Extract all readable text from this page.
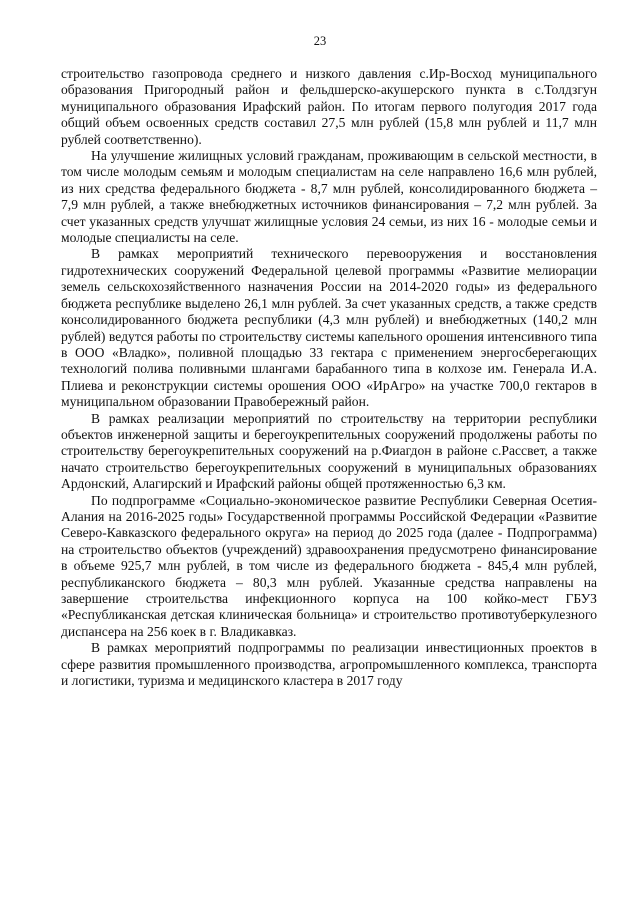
23

строительство газопровода среднего и низкого давления с.Ир-Восход муниципального образования Пригородный район и фельдшерско-акушерского пункта в с.Толдзгун муниципального образования Ирафский район. По итогам первого полугодия 2017 года общий объем освоенных средств составил 27,5 млн рублей (15,8 млн рублей и 11,7 млн рублей соответственно).

На улучшение жилищных условий гражданам, проживающим в сельской местности, в том числе молодым семьям и молодым специалистам на селе направлено 16,6 млн рублей, из них средства федерального бюджета - 8,7 млн рублей, консолидированного бюджета – 7,9 млн рублей, а также внебюджетных источников финансирования – 7,2 млн рублей. За счет указанных средств улучшат жилищные условия 24 семьи, из них 16 - молодые семьи и молодые специалисты на селе.

В рамках мероприятий технического перевооружения и восстановления гидротехнических сооружений Федеральной целевой программы «Развитие мелиорации земель сельскохозяйственного назначения России на 2014-2020 годы» из федерального бюджета республике выделено 26,1 млн рублей. За счет указанных средств, а также средств консолидированного бюджета республики (4,3 млн рублей) и внебюджетных (140,2 млн рублей) ведутся работы по строительству системы капельного орошения интенсивного типа в ООО «Владко», поливной площадью 33 гектара с применением энергосберегающих технологий полива поливными шлангами барабанного типа в колхозе им. Генерала И.А. Плиева и реконструкции системы орошения ООО «ИрАгро» на участке 700,0 гектаров в муниципальном образовании Правобережный район.

В рамках реализации мероприятий по строительству на территории республики объектов инженерной защиты и берегоукрепительных сооружений продолжены работы по строительству берегоукрепительных сооружений на р.Фиагдон в районе с.Рассвет, а также начато строительство берегоукрепительных сооружений в муниципальных образованиях Ардонский, Алагирский и Ирафский районы общей протяженностью 6,3 км.

По подпрограмме «Социально-экономическое развитие Республики Северная Осетия-Алания на 2016-2025 годы» Государственной программы Российской Федерации «Развитие Северо-Кавказского федерального округа» на период до 2025 года (далее - Подпрограмма) на строительство объектов (учреждений) здравоохранения предусмотрено финансирование в объеме 925,7 млн рублей, в том числе из федерального бюджета - 845,4 млн рублей, республиканского бюджета – 80,3 млн рублей. Указанные средства направлены на завершение строительства инфекционного корпуса на 100 койко-мест ГБУЗ «Республиканская детская клиническая больница» и строительство противотуберкулезного диспансера на 256 коек в г. Владикавказ.

В рамках мероприятий подпрограммы по реализации инвестиционных проектов в сфере развития промышленного производства, агропромышленного комплекса, транспорта и логистики, туризма и медицинского кластера в 2017 году
